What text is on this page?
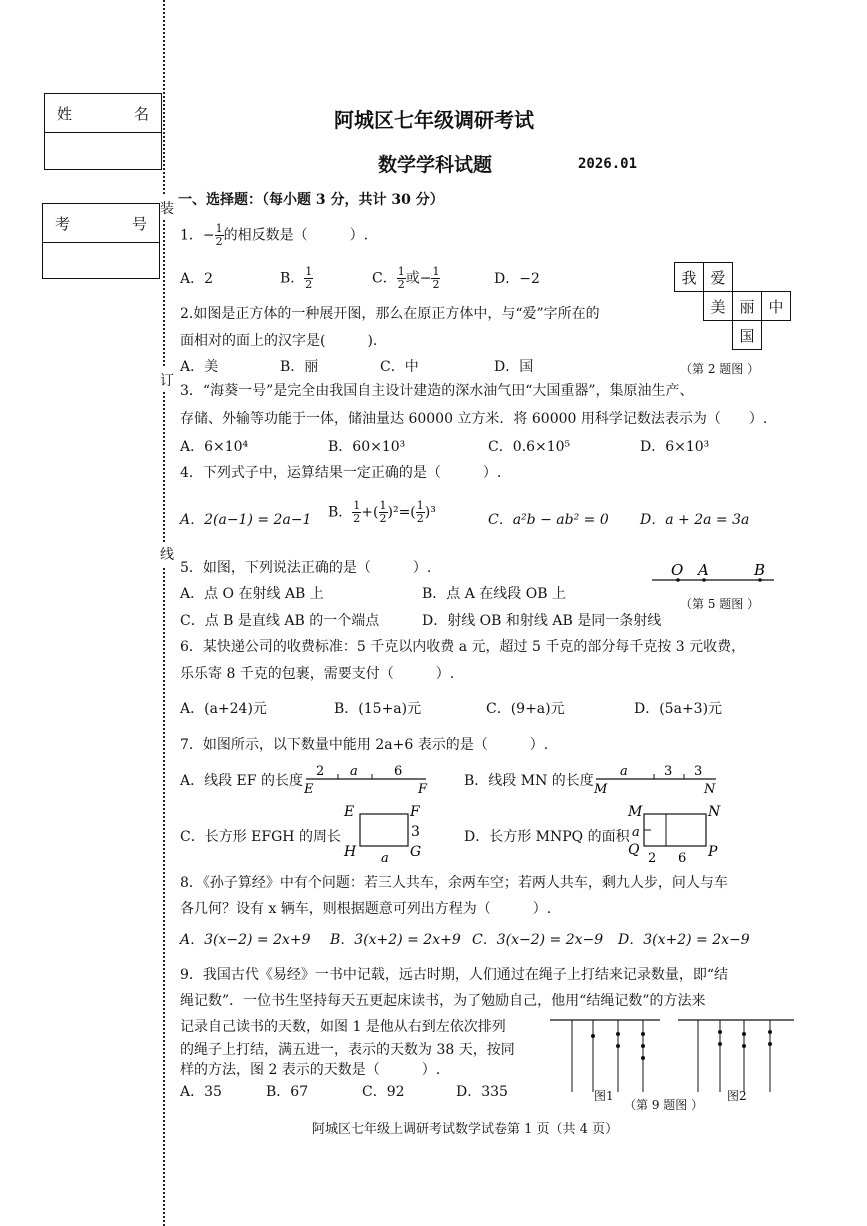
装
订
线
姓	名
考	号
阿城区七年级调研考试
数学学科试题	2026.01
一、选择题：（每小题 3 分，共计 30 分）
1．− $\frac{1}{2}$ 的相反数是（　　　）.
A．2	B． $\frac{1}{2}$	C． $\frac{1}{2}$ 或− $\frac{1}{2}$	D．−2	我 爱
美 丽 中
国
（第 2 题图 ）
2.如图是正方体的一种展开图，那么在原正方体中，与“爱”字所在的
面相对的面上的汉字是(　　　).
A．美	B．丽	C．中	D．国
3．“海葵一号”是完全由我国自主设计建造的深水油气田“大国重器”，集原油生产、
存储、外输等功能于一体，储油量达 60000 立方米．将 60000 用科学记数法表示为（　　）.
A．6×10⁴	B．60×10³	C．0.6×10⁵	D．6×10³
4．下列式子中，运算结果一定正确的是（　　　）.
A．2(a−1) = 2a−1 B． $\frac{1}{2}$ +( $\frac{1}{2} )^2=( \frac{1}{2} )^3$	C．a²b − ab² = 0 D．a + 2a = 3a
5．如图，下列说法正确的是（　　　）.
A．点 O 在射线 AB 上	B．点 A 在线段 OB 上
C．点 B 是直线 AB 的一个端点	D．射线 OB 和射线 AB 是同一条射线
O A	B
（第 5 题图 ）
6．某快递公司的收费标准：5 千克以内收费 a 元，超过 5 千克的部分每千克按 3 元收费，
乐乐寄 8 千克的包裹，需要支付（　　　）.
A．(a+24)元	B．(15+a)元	C．(9+a)元	D．(5a+3)元
7．如图所示，以下数量中能用 2a+6 表示的是（　　　）.
A．线段 EF 的长度
2 a	6
E	F
B．线段 MN 的长度
a	3 3
M	N
C．长方形 EFGH 的周长
E	F
H	G
3
a
D．长方形 MNPQ 的面积
M	N
Q	P
a
2 6
8．《孙子算经》中有个问题：若三人共车，余两车空；若两人共车，剩九人步，问人与车
各几何？设有 x 辆车，则根据题意可列出方程为（　　　）.
A．3(x−2) = 2x+9 B．3(x+2) = 2x+9 C．3(x−2) = 2x−9 D．3(x+2) = 2x−9
9．我国古代《易经》一书中记载，远古时期，人们通过在绳子上打结来记录数量，即“结
绳记数”．一位书生坚持每天五更起床读书，为了勉励自己，他用“结绳记数”的方法来
记录自己读书的天数，如图 1 是他从右到左依次排列
的绳子上打结，满五进一，表示的天数为 38 天，按同
样的方法，图 2 表示的天数是（　　　）.
A．35	B．67	C．92	D．335	图1	图2
（第 9 题图 ）
阿城区七年级上调研考试数学试卷第 1 页（共 4 页）
